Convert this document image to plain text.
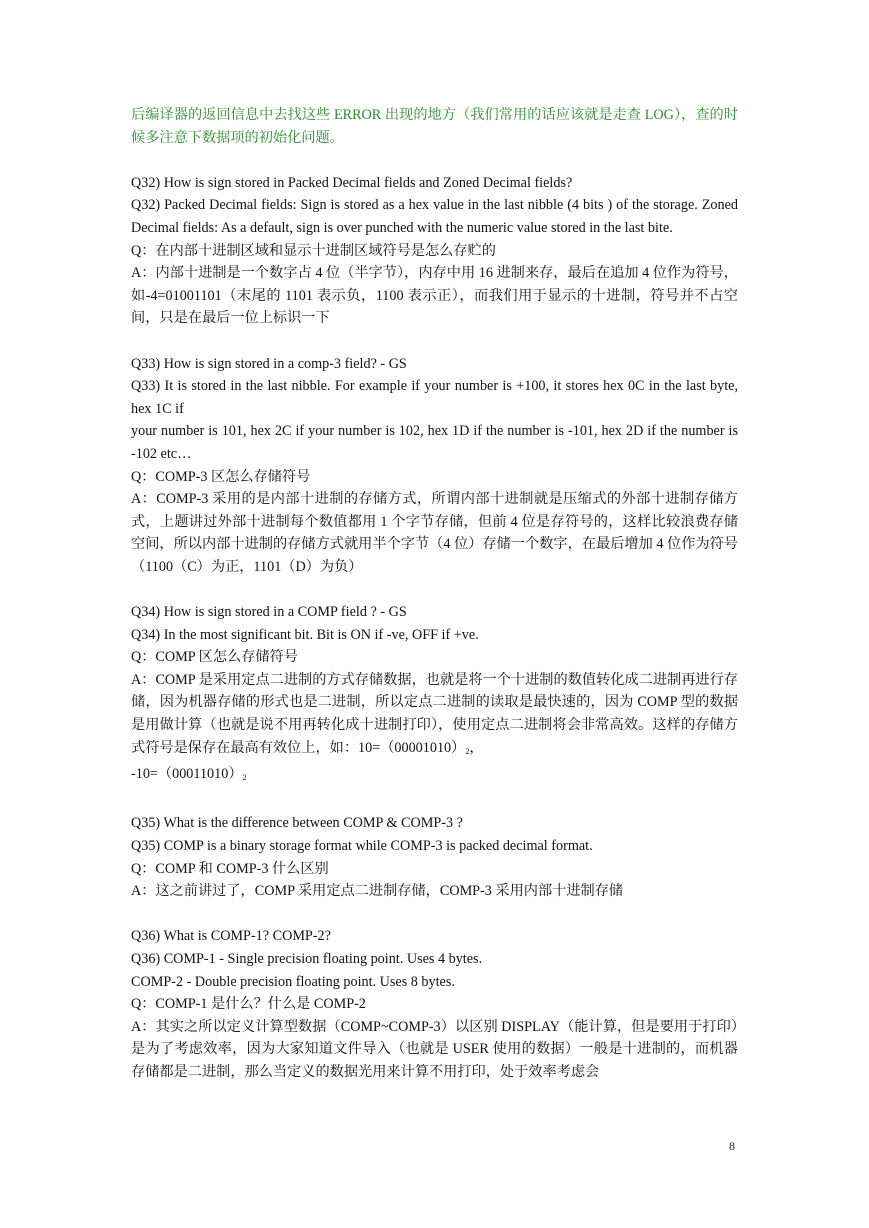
后编译器的返回信息中去找这些 ERROR 出现的地方（我们常用的话应该就是走查 LOG），查的时候多注意下数据项的初始化问题。

Q32) How is sign stored in Packed Decimal fields and Zoned Decimal fields?

Q32) Packed Decimal fields: Sign is stored as a hex value in the last nibble (4 bits ) of the storage. Zoned Decimal fields: As a default, sign is over punched with the numeric value stored in the last bite.

Q：在内部十进制区域和显示十进制区域符号是怎么存贮的

A：内部十进制是一个数字占 4 位（半字节），内存中用 16 进制来存，最后在追加 4 位作为符号，如-4=01001101（末尾的 1101 表示负，1100 表示正），而我们用于显示的十进制，符号并不占空间，只是在最后一位上标识一下

Q33) How is sign stored in a comp-3 field? - GS

Q33) It is stored in the last nibble. For example if your number is +100, it stores hex 0C in the last byte, hex 1C if

your number is 101, hex 2C if your number is 102, hex 1D if the number is -101, hex 2D if the number is -102 etc…

Q：COMP-3 区怎么存储符号

A：COMP-3 采用的是内部十进制的存储方式，所谓内部十进制就是压缩式的外部十进制存储方式，上题讲过外部十进制每个数值都用 1 个字节存储，但前 4 位是存符号的，这样比较浪费存储空间，所以内部十进制的存储方式就用半个字节（4 位）存储一个数字，在最后增加 4 位作为符号（1100（C）为正，1101（D）为负）

Q34) How is sign stored in a COMP field ? - GS

Q34) In the most significant bit. Bit is ON if -ve, OFF if +ve.

Q：COMP 区怎么存储符号

A：COMP 是采用定点二进制的方式存储数据，也就是将一个十进制的数值转化成二进制再进行存储，因为机器存储的形式也是二进制，所以定点二进制的读取是最快速的，因为 COMP 型的数据是用做计算（也就是说不用再转化成十进制打印），使用定点二进制将会非常高效。这样的存储方式符号是保存在最高有效位上，如：$10=(00001010)_2$，

$-10=(00011010)_2$

Q35) What is the difference between COMP & COMP-3 ?

Q35) COMP is a binary storage format while COMP-3 is packed decimal format.

Q：COMP 和 COMP-3 什么区别

A：这之前讲过了，COMP 采用定点二进制存储，COMP-3 采用内部十进制存储

Q36) What is COMP-1? COMP-2?

Q36) COMP-1 - Single precision floating point. Uses 4 bytes.

COMP-2 - Double precision floating point. Uses 8 bytes.

Q：COMP-1 是什么？什么是 COMP-2

A：其实之所以定义计算型数据（COMP~COMP-3）以区别 DISPLAY（能计算，但是要用于打印）是为了考虑效率，因为大家知道文件导入（也就是 USER 使用的数据）一般是十进制的，而机器存储都是二进制，那么当定义的数据光用来计算不用打印，处于效率考虑会

8
